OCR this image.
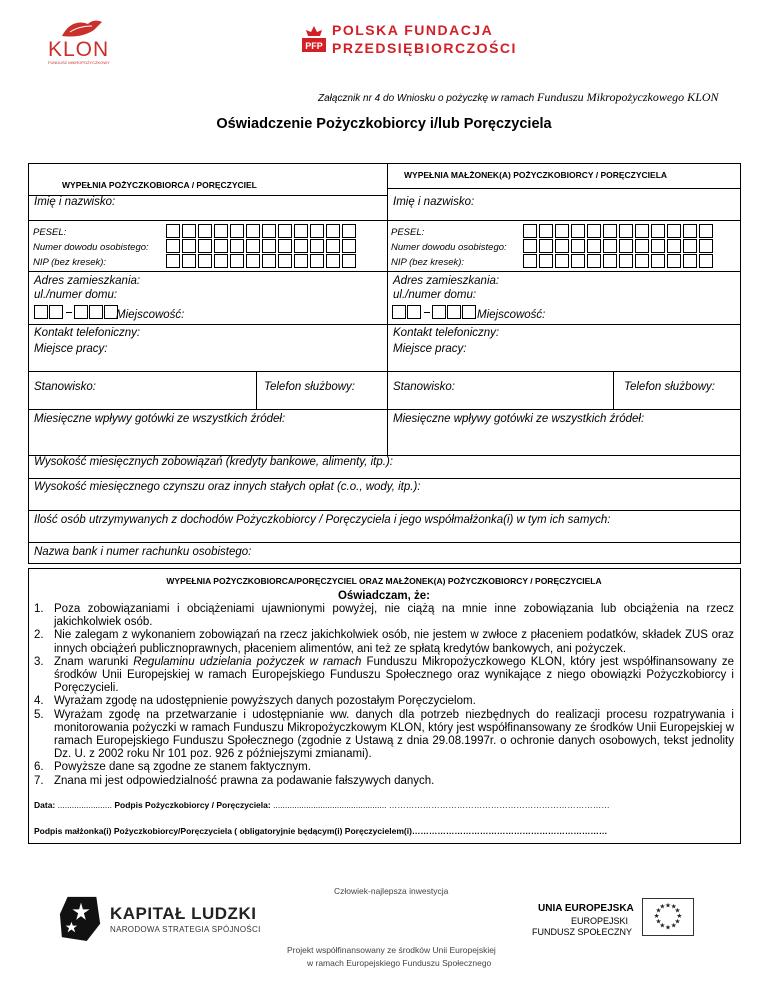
KLON
FUNDUSZ MIKROPOŻYCZKOWY
PFP
POLSKA FUNDACJA
PRZEDSIĘBIORCZOŚCI
Załącznik nr 4 do Wniosku o pożyczkę w ramach Funduszu Mikropożyczkowego KLON
Oświadczenie Pożyczkobiorcy i/lub Poręczyciela
WYPEŁNIA POŻYCZKOBIORCA / PORĘCZYCIEL
WYPEŁNIA MAŁŻONEK(A) POŻYCZKOBIORCY / PORĘCZYCIELA
Imię i nazwisko:	Imię i nazwisko:
PESEL:	PESEL:
Numer dowodu osobistego:	Numer dowodu osobistego:
NIP (bez kresek):	NIP (bez kresek):
Adres zamieszkania:
ul./numer domu:
Adres zamieszkania:
ul./numer domu:
Miejscowość:	Miejscowość:
Kontakt telefoniczny:
Miejsce pracy:
Kontakt telefoniczny:
Miejsce pracy:
Stanowisko:	Telefon służbowy:	Stanowisko:	Telefon służbowy:
Miesięczne wpływy gotówki ze wszystkich źródeł:	Miesięczne wpływy gotówki ze wszystkich źródeł:
Wysokość miesięcznych zobowiązań (kredyty bankowe, alimenty, itp.):
Wysokość miesięcznego czynszu oraz innych stałych opłat (c.o., wody, itp.):
Ilość osób utrzymywanych z dochodów Pożyczkobiorcy / Poręczyciela i jego współmałżonka(i) w tym ich samych:
Nazwa bank i numer rachunku osobistego:
WYPEŁNIA POŻYCZKOBIORCA/PORĘCZYCIEL ORAZ MAŁŻONEK(A) POŻYCZKOBIORCY / PORĘCZYCIELA
Oświadczam, że:
1. Poza zobowiązaniami i obciążeniami ujawnionymi powyżej, nie ciążą na mnie inne zobowiązania lub obciążenia na rzecz jakichkolwiek osób.
2. Nie zalegam z wykonaniem zobowiązań na rzecz jakichkolwiek osób, nie jestem w zwłoce z płaceniem podatków, składek ZUS oraz innych obciążeń publicznoprawnych, płaceniem alimentów, ani też ze spłatą kredytów bankowych, ani pożyczek.
3. Znam warunki Regulaminu udzielania pożyczek w ramach Funduszu Mikropożyczkowego KLON, który jest współfinansowany ze środków Unii Europejskiej w ramach Europejskiego Funduszu Społecznego oraz wynikające z niego obowiązki Pożyczkobiorcy i Poręczycieli.
4. Wyrażam zgodę na udostępnienie powyższych danych pozostałym Poręczycielom.
5. Wyrażam zgodę na przetwarzanie i udostępnianie ww. danych dla potrzeb niezbędnych do realizacji procesu rozpatrywania i monitorowania pożyczki w ramach Funduszu Mikropożyczkowym KLON, który jest współfinansowany ze środków Unii Europejskiej w ramach Europejskiego Funduszu Społecznego (zgodnie z Ustawą z dnia 29.08.1997r. o ochronie danych osobowych, tekst jednolity Dz. U. z 2002 roku Nr 101 poz. 926 z późniejszymi zmianami).
6. Powyższe dane są zgodne ze stanem faktycznym.
7. Znana mi jest odpowiedzialność prawna za podawanie fałszywych danych.
Data: ....................... Podpis Pożyczkobiorcy / Poręczyciela: ................................................ ……………………………………………………………………
Podpis małżonka(i) Pożyczkobiorcy/Poręczyciela ( obligatoryjnie będącym(i) Poręczycielem(i)……………………………………………………………
Człowiek-najlepsza inwestycja
KAPITAŁ LUDZKI
NARODOWA STRATEGIA SPÓJNOŚCI
UNIA EUROPEJSKA
EUROPEJSKI
FUNDUSZ SPOŁECZNY
★ ★
★
★
★
★
★
★
★
★
★
★
Projekt współfinansowany ze środków Unii Europejskiej
w ramach Europejskiego Funduszu Społecznego
